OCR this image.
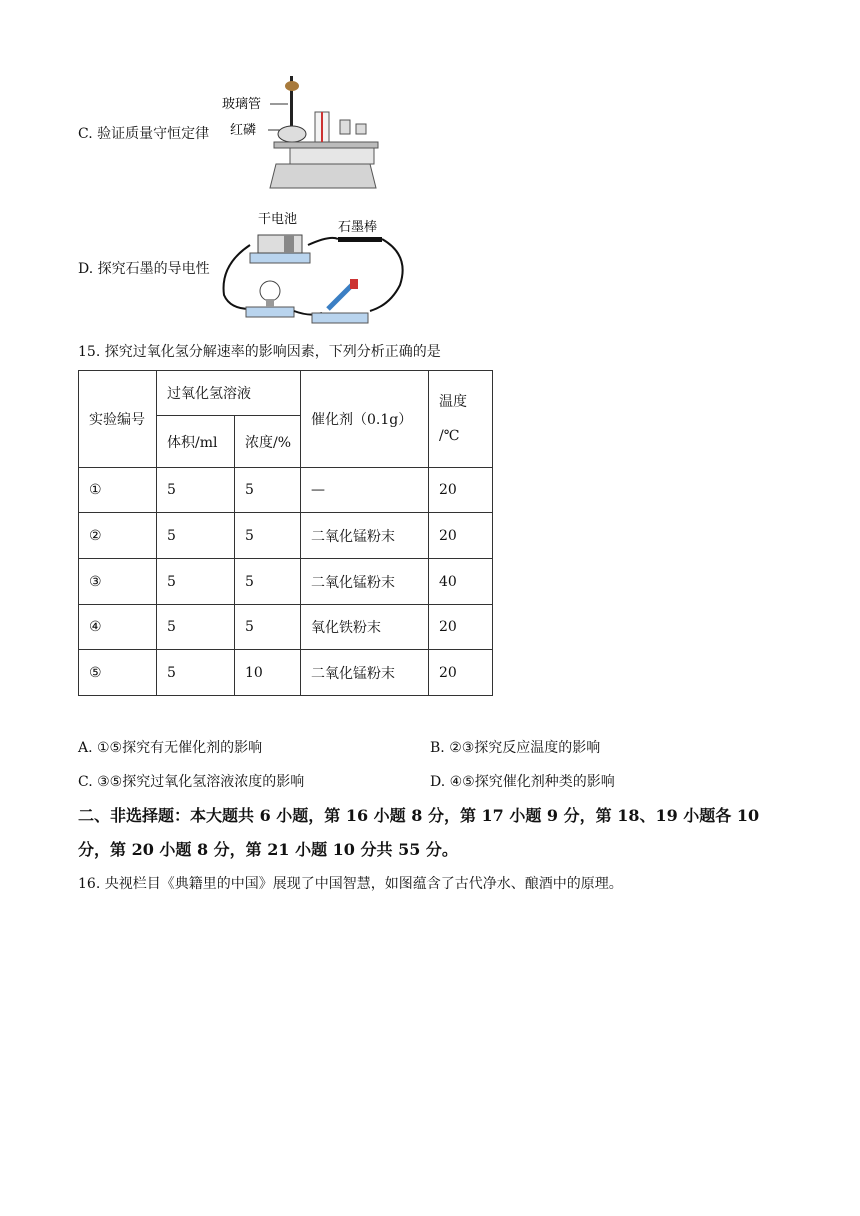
C. 验证质量守恒定律
玻璃管
红磷
D. 探究石墨的导电性
干电池
石墨棒
15. 探究过氧化氢分解速率的影响因素，下列分析正确的是
实验编号	过氧化氢溶液		催化剂（0.1g）	温度
/℃
	体积/ml	浓度/%		
①	5	5	—	20
②	5	5	二氧化锰粉末	20
③	5	5	二氧化锰粉末	40
④	5	5	氧化铁粉末	20
⑤	5	10	二氧化锰粉末	20
A. ①⑤探究有无催化剂的影响	B. ②③探究反应温度的影响
C. ③⑤探究过氧化氢溶液浓度的影响	D. ④⑤探究催化剂种类的影响
二、非选择题：本大题共 6 小题，第 16 小题 8 分，第 17 小题 9 分，第 18、19 小题各 10
分，第 20 小题 8 分，第 21 小题 10 分共 55 分。
16. 央视栏目《典籍里的中国》展现了中国智慧，如图蕴含了古代净水、酿酒中的原理。
